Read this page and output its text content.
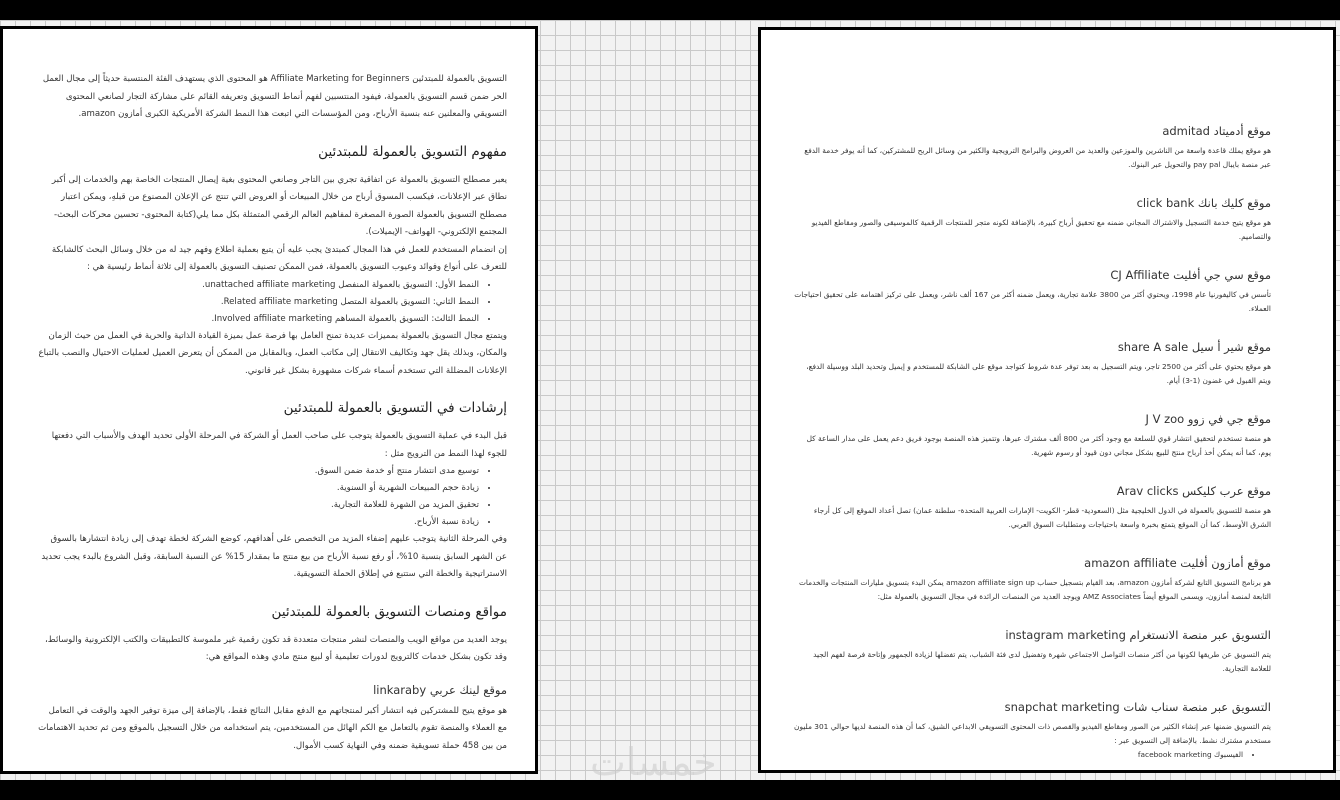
التسويق بالعمولة للمبتدئين Affiliate Marketing for Beginners هو المحتوى الذي يستهدف الفئة المنتسبة حديثاً إلى مجال العمل الحر ضمن قسم التسويق بالعمولة، فيفود المنتسبين لفهم أنماط التسويق وتعريفه القائم على مشاركة التجار لصانعي المحتوى التسويقي والمعلنين عنه بنسبة الأرباح، ومن المؤسسات التي اتبعت هذا النمط الشركة الأمريكية الكبرى أمازون amazon.

مفهوم التسويق بالعمولة للمبتدئين

يعبر مصطلح التسويق بالعمولة عن اتفاقية تجري بين التاجر وصانعي المحتوى بغية إيصال المنتجات الخاصة بهم والخدمات إلى أكبر نطاق عبر الإعلانات، فيكسب المسوق أرباح من خلال المبيعات أو العروض التي تنتج عن الإعلان المصنوع من قبلهِ، ويمكن اعتبار مصطلح التسويق بالعمولة الصورة المصغرة لمفاهيم العالم الرقمي المتمثلة بكل مما يلي(كتابة المحتوى- تحسين محركات البحث- المجتمع الإلكتروني- الهواتف- الإيميلات).

إن انضمام المستخدم للعمل في هذا المجال كمبتدئ يجب عليه أن يتبع بعملية اطلاع وفهم جيد له من خلال وسائل البحث كالشابكة للتعرف على أنواع وفوائد وعيوب التسويق بالعمولة، فمن الممكن تصنيف التسويق بالعمولة إلى ثلاثة أنماط رئيسية هي :

• النمط الأول: التسويق بالعمولة المنفصل unattached affiliate marketing.
• النمط الثاني: التسويق بالعمولة المتصل Related affiliate marketing.
• النمط الثالث: التسويق بالعمولة المساهم Involved affiliate marketing.

ويتمتع مجال التسويق بالعمولة بمميزات عديدة تمنح العامل بها فرصة عمل بميزة القيادة الذاتية والحرية في العمل من حيث الزمان والمكان، وبذلك يقل جهد وتكاليف الانتقال إلى مكاتب العمل، وبالمقابل من الممكن أن يتعرض العميل لعمليات الاحتيال والنصب بالتباع الإعلانات المضللة التي تستخدم أسماء شركات مشهورة بشكل غير قانوني.

إرشادات في التسويق بالعمولة للمبتدئين

قبل البدء في عملية التسويق بالعمولة يتوجب على صاحب العمل أو الشركة في المرحلة الأولى تحديد الهدف والأسباب التي دفعتها للجوء لهذا النمط من الترويج مثل :

• توسيع مدى انتشار منتج أو خدمة ضمن السوق.
• زيادة حجم المبيعات الشهرية أو السنوية.
• تحقيق المزيد من الشهرة للعلامة التجارية.
• زيادة نسبة الأرباح.

وفي المرحلة الثانية يتوجب عليهم إضفاء المزيد من التخصص على أهدافهم، كوضع الشركة لخطة تهدف إلى زيادة انتشارها بالسوق عن الشهر السابق بنسبة 10%، أو رفع نسبة الأرباح من بيع منتج ما بمقدار 15% عن النسبة السابقة، وقبل الشروع بالبدء يجب تحديد الاستراتيجية والخطة التي ستتبع في إطلاق الحملة التسويقية.

مواقع ومنصات التسويق بالعمولة للمبتدئين

يوجد العديد من مواقع الويب والمنصات لنشر منتجات متعددة قد تكون رقمية غير ملموسة كالتطبيقات والكتب الإلكترونية والوسائط، وقد تكون بشكل خدمات كالترويج لدورات تعليمية أو لبيع منتج مادي وهذه المواقع هي:

موقع لينك عربي linkaraby

هو موقع يتيح للمشتركين فيه انتشار أكبر لمنتجاتهم مع الدفع مقابل النتائج فقط، بالإضافة إلى ميزة توفير الجهد والوقت في التعامل مع العملاء والمنصة تقوم بالتعامل مع الكم الهائل من المستخدمين، يتم استخدامه من خلال التسجيل بالموقع ومن ثم تحديد الاهتمامات من بين 458 حملة تسويقية ضمنه وفي النهاية كسب الأموال.

موقع أدميتاد admitad

هو موقع يملك قاعدة واسعة من الناشرين والموزعين والعديد من العروض والبرامج الترويجية والكثير من وسائل الربح للمشتركين، كما أنه يوفر خدمة الدفع عبر منصة بايبال pay pal والتحويل عبر البنوك.

موقع كليك بانك click bank

هو موقع يتيح خدمة التسجيل والاشتراك المجاني ضمنه مع تحقيق أرباح كبيرة، بالإضافة لكونه متجر للمنتجات الرقمية كالموسيقى والصور ومقاطع الفيديو والتصاميم.

موقع سي جي أفليت CJ Affiliate

تأسس في كاليفورنيا عام 1998، ويحتوي أكثر من 3800 علامة تجارية، ويعمل ضمنه أكثر من 167 ألف ناشر، ويعمل على تركيز اهتمامه على تحقيق احتياجات العملاء.

موقع شير أ سيل share A sale

هو موقع يحتوي على أكثر من 2500 تاجر، ويتم التسجيل به بعد توفر عدة شروط كتواجد موقع على الشابكة للمستخدم و إيميل وتحديد البلد ووسيلة الدفع، ويتم القبول في غضون (1-3) أيام.

موقع جي في زوو J V zoo

هو منصة تستخدم لتحقيق انتشار قوي للسلعة مع وجود أكثر من 800 ألف مشترك عبرها، وتتميز هذه المنصة بوجود فريق دعم يعمل على مدار الساعة كل يوم، كما أنه يمكن أخذ أرباح منتج للبيع بشكل مجاني دون قيود أو رسوم شهرية.

موقع عرب كليكس Arav clicks

هو منصة للتسويق بالعمولة في الدول الخليجية مثل (السعودية- قطر- الكويت- الإمارات العربية المتحدة- سلطنة عمان) تصل أعداد الموقع إلى كل أرجاء الشرق الأوسط، كما أن الموقع يتمتع بخبرة واسعة باحتياجات ومتطلبات السوق العربي.

موقع أمازون أفليت amazon affiliate

هو برنامج التسويق التابع لشركة أمازون amazon، بعد القيام بتسجيل حساب amazon affiliate sign up يمكن البدء بتسويق مليارات المنتجات والخدمات التابعة لمنصة أمازون، ويسمى الموقع أيضاً AMZ Associates ويوجد العديد من المنصات الرائدة في مجال التسويق بالعمولة مثل:

التسويق عبر منصة الانستغرام instagram marketing

يتم التسويق عن طريقها لكونها من أكثر منصات التواصل الاجتماعي شهرة وتفضيل لدى فئة الشباب، يتم تفضلها لزيادة الجمهور وإتاحة فرصة لفهم الجيد للعلامة التجارية.

التسويق عبر منصة سناب شات snapchat marketing

يتم التسويق ضمنها عبر إنشاء الكثير من الصور ومقاطع الفيديو والقصص ذات المحتوى التسويقي الابداعي الشيق، كما أن هذه المنصة لديها حوالي 301 مليون مستخدم مشترك نشط. بالإضافة إلى التسويق عبر :

• الفيسبوك facebook marketing
خمسات
